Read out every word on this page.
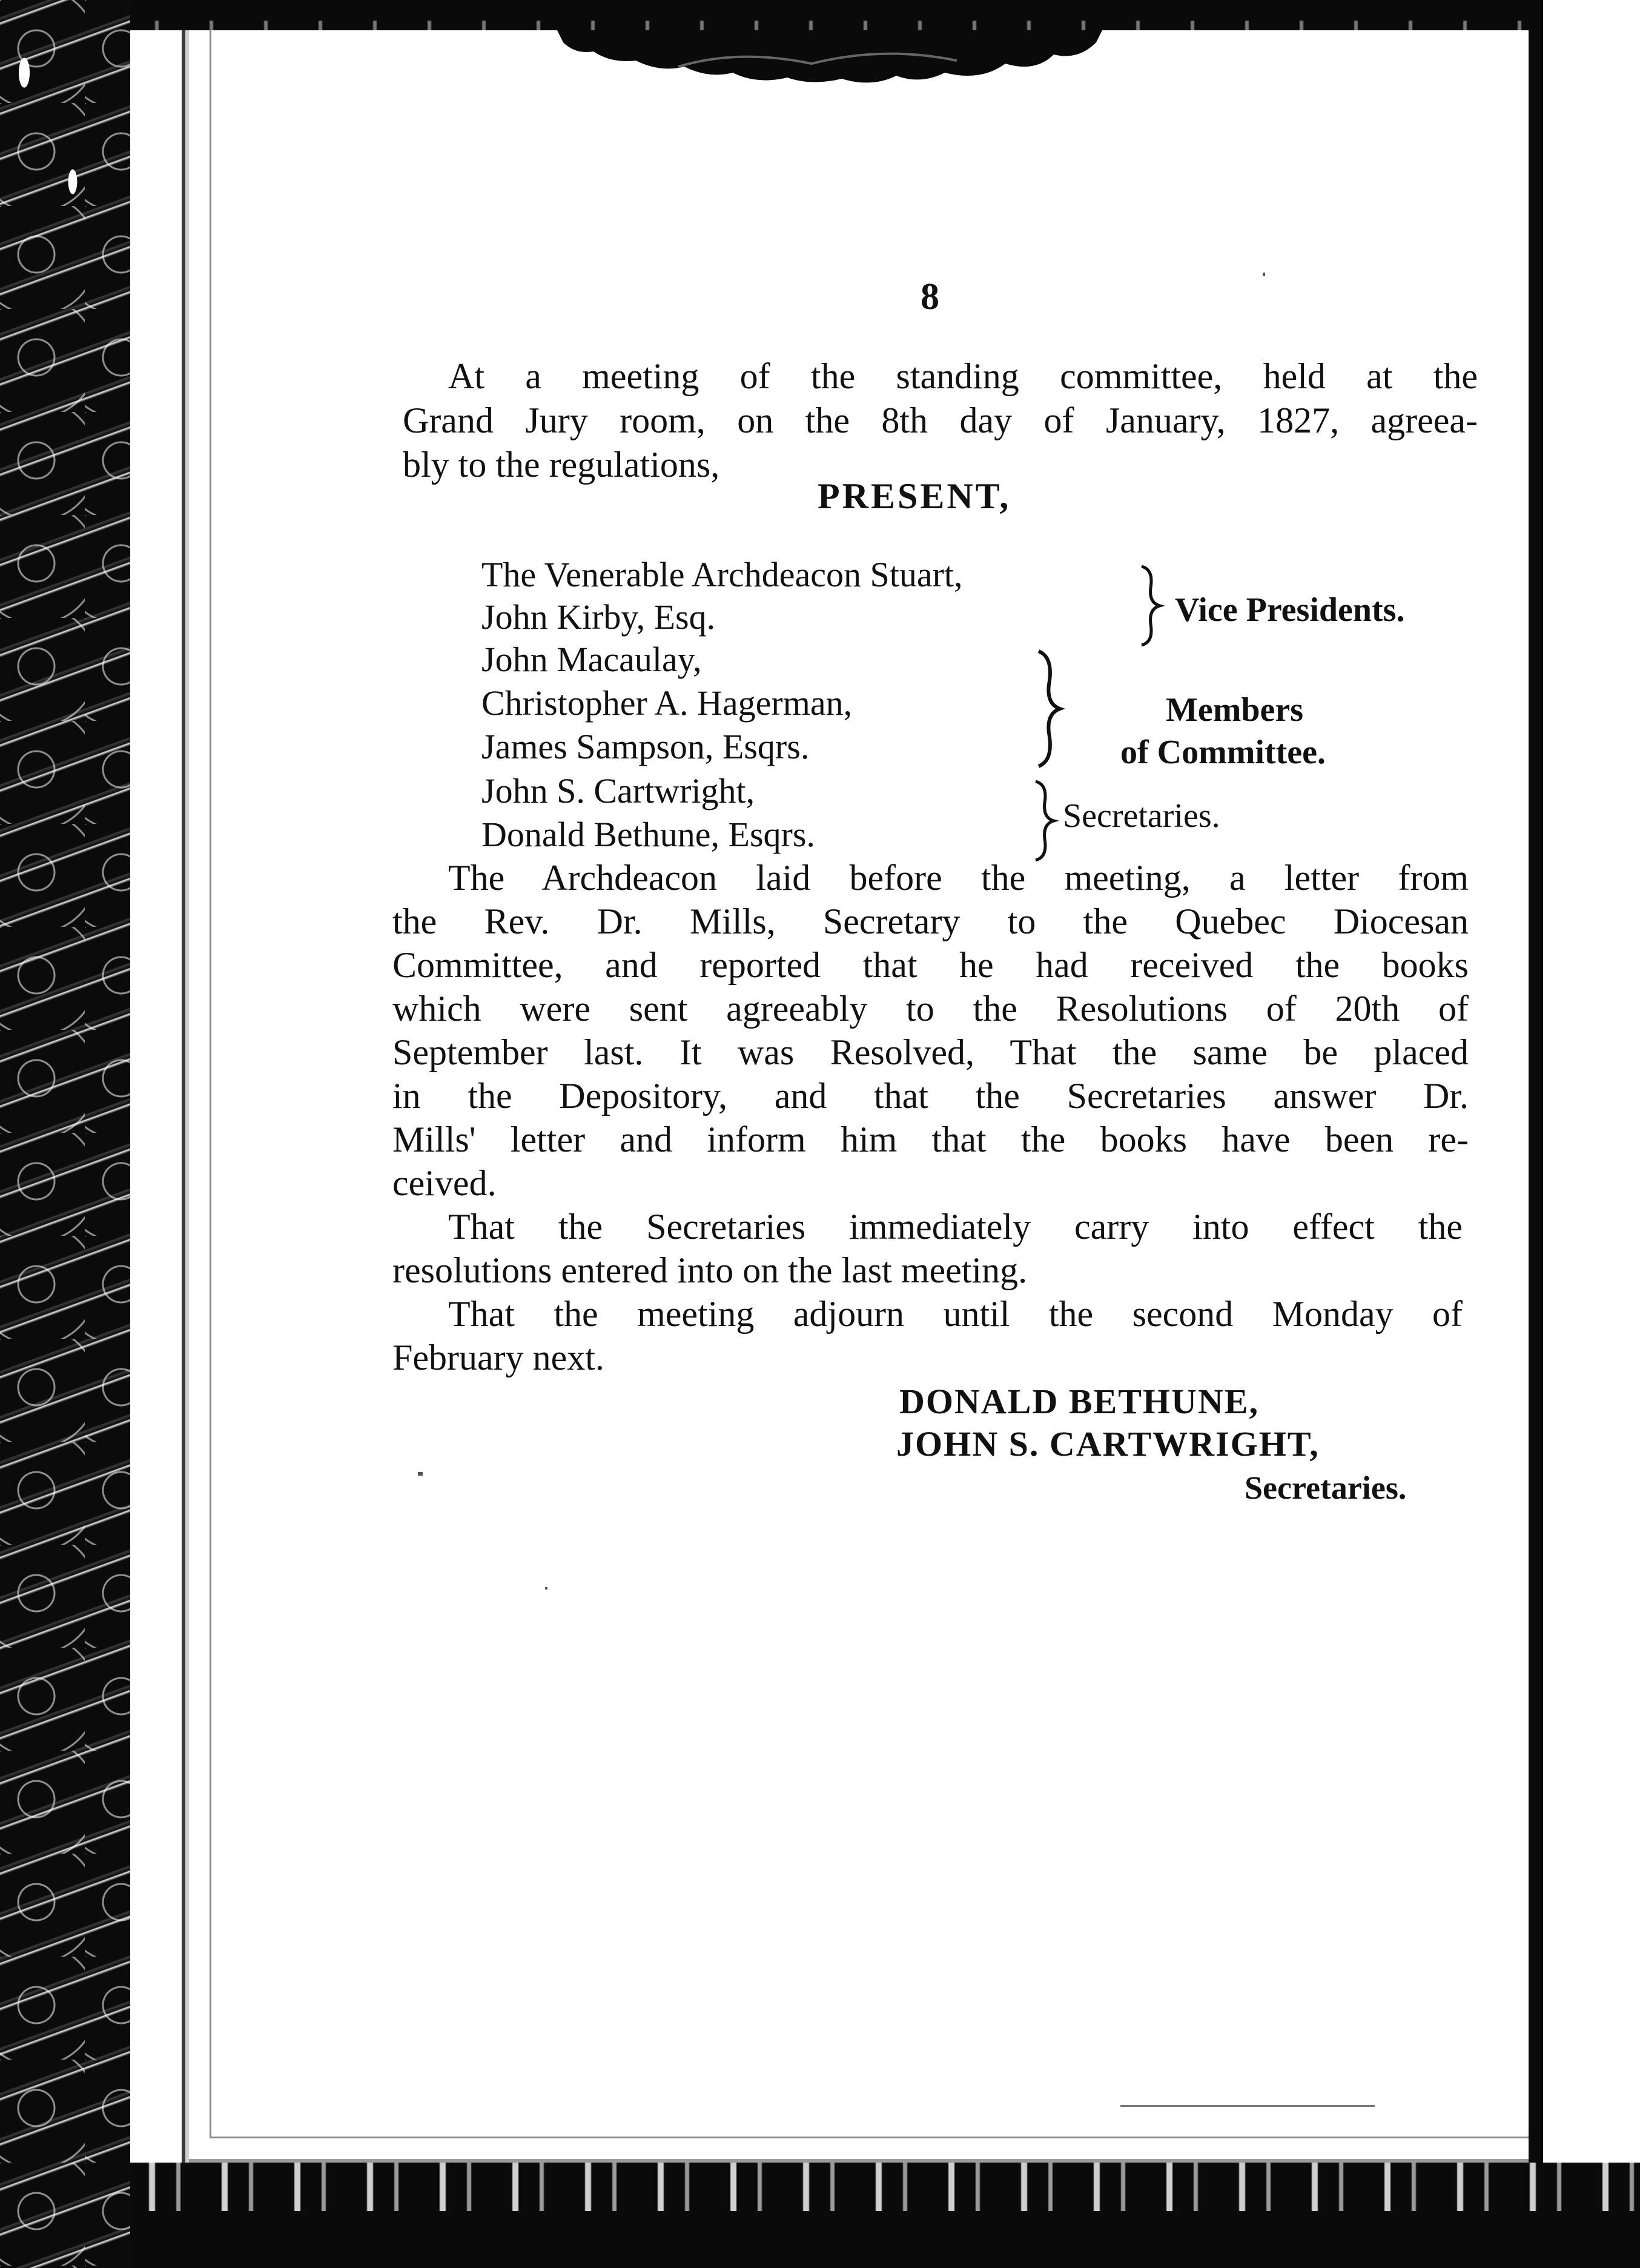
8
At a meeting of the standing committee, held at the
Grand Jury room, on the 8th day of January, 1827, agreea-
bly to the regulations,
PRESENT,
The Venerable Archdeacon Stuart,
John Kirby, Esq.	Vice Presidents.
John Macaulay,
Christopher A. Hagerman,
James Sampson, Esqrs.
Members
of Committee.
John S. Cartwright,
Donald Bethune, Esqrs.	Secretaries.
The Archdeacon laid before the meeting, a letter from
the Rev. Dr. Mills, Secretary to the Quebec Diocesan
Committee, and reported that he had received the books
which were sent agreeably to the Resolutions of 20th of
September last. It was Resolved, That the same be placed
in the Depository, and that the Secretaries answer Dr.
Mills' letter and inform him that the books have been re-
ceived.
That the Secretaries immediately carry into effect the
resolutions entered into on the last meeting.
That the meeting adjourn until the second Monday of
February next.
DONALD BETHUNE,
JOHN S. CARTWRIGHT,
Secretaries.
